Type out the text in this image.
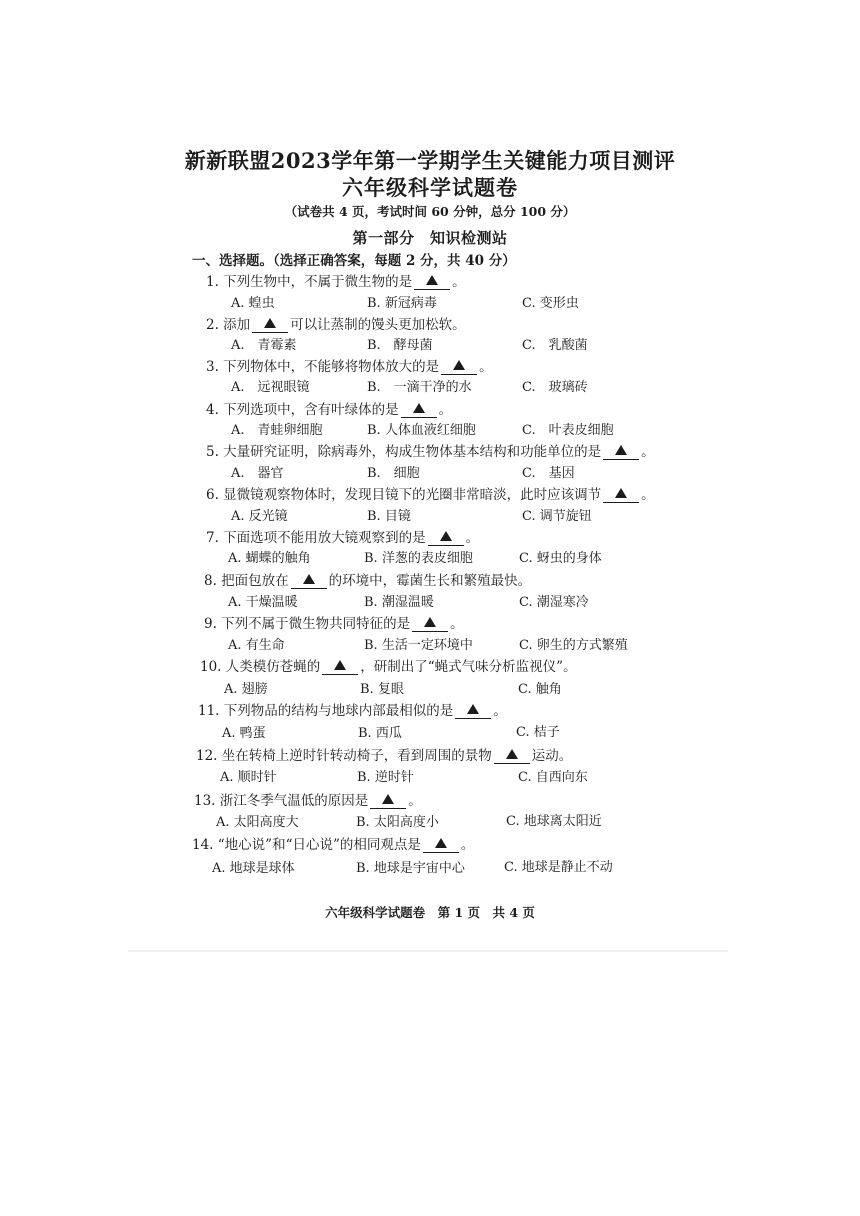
新新联盟2023学年第一学期学生关键能力项目测评
六年级科学试题卷
（试卷共 4 页，考试时间 60 分钟，总分 100 分）
第一部分　知识检测站
一、选择题。（选择正确答案，每题 2 分，共 40 分）
1. 下列生物中，不属于微生物的是	。
A. 蝗虫	B. 新冠病毒	C. 变形虫
2. 添加	可以让蒸制的馒头更加松软。
A.　青霉素	B.　酵母菌	C.　乳酸菌
3. 下列物体中，不能够将物体放大的是	。
A.　远视眼镜	B.　一滴干净的水	C.　玻璃砖
4. 下列选项中，含有叶绿体的是	。
A.　青蛙卵细胞	B. 人体血液红细胞	C.　叶表皮细胞
5. 大量研究证明，除病毒外，构成生物体基本结构和功能单位的是	。
A.　器官	B.　细胞	C.　基因
6. 显微镜观察物体时，发现目镜下的光圈非常暗淡，此时应该调节	。
A. 反光镜	B. 目镜	C. 调节旋钮
7. 下面选项不能用放大镜观察到的是	。
A. 蝴蝶的触角	B. 洋葱的表皮细胞	C. 蚜虫的身体
8. 把面包放在	的环境中，霉菌生长和繁殖最快。
A. 干燥温暖	B. 潮湿温暖	C. 潮湿寒冷
9. 下列不属于微生物共同特征的是	。
A. 有生命	B. 生活一定环境中	C. 卵生的方式繁殖
10. 人类模仿苍蝇的	，研制出了“蝇式气味分析监视仪”。
A. 翅膀	B. 复眼	C. 触角
11. 下列物品的结构与地球内部最相似的是	。
A. 鸭蛋	B. 西瓜	C. 桔子
12. 坐在转椅上逆时针转动椅子，看到周围的景物	运动。
A. 顺时针	B. 逆时针	C. 自西向东
13. 浙江冬季气温低的原因是	。
A. 太阳高度大	B. 太阳高度小	C. 地球离太阳近
14. “地心说”和“日心说”的相同观点是	。
A. 地球是球体	B. 地球是宇宙中心	C. 地球是静止不动
六年级科学试题卷　第 1 页　共 4 页
